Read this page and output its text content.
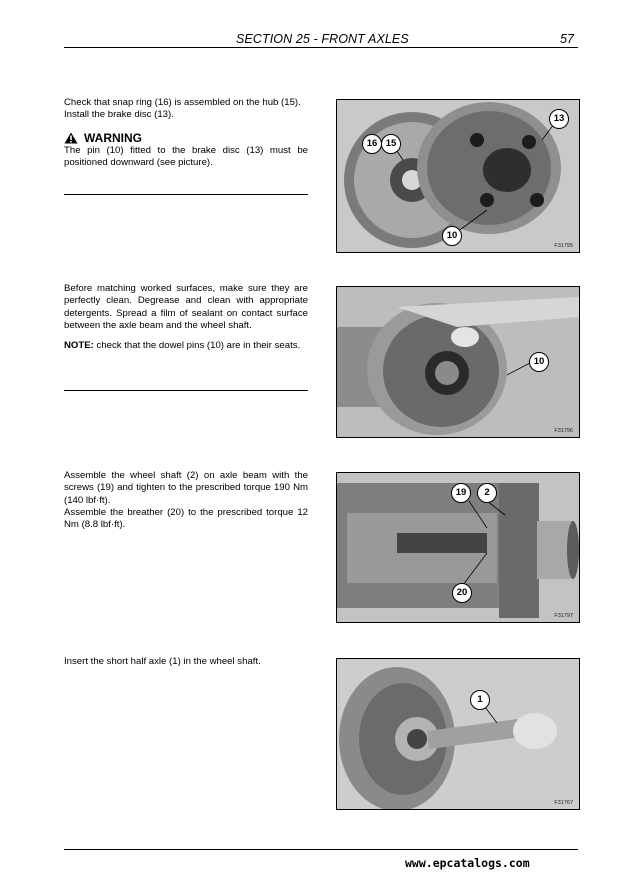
SECTION 25 - FRONT AXLES	57

Check that snap ring (16) is assembled on the hub (15).

Install the brake disc (13).

WARNING

The pin (10) fitted to the brake disc (13) must be positioned downward (see picture).

16 15
13
10
F31795

Before matching worked surfaces, make sure they are perfectly clean. Degrease and clean with appropriate detergents. Spread a film of sealant on contact surface between the axle beam and the wheel shaft.

NOTE: check that the dowel pins (10) are in their seats.

10
F31796

Assemble the wheel shaft (2) on axle beam with the screws (19) and tighten to the prescribed torque 190 Nm (140 lbf·ft).

Assemble the breather (20) to the prescribed torque 12 Nm (8.8 lbf·ft).

19	2
20
F31797

Insert the short half axle (1) in the wheel shaft.

1
F31767
www.epcatalogs.com
